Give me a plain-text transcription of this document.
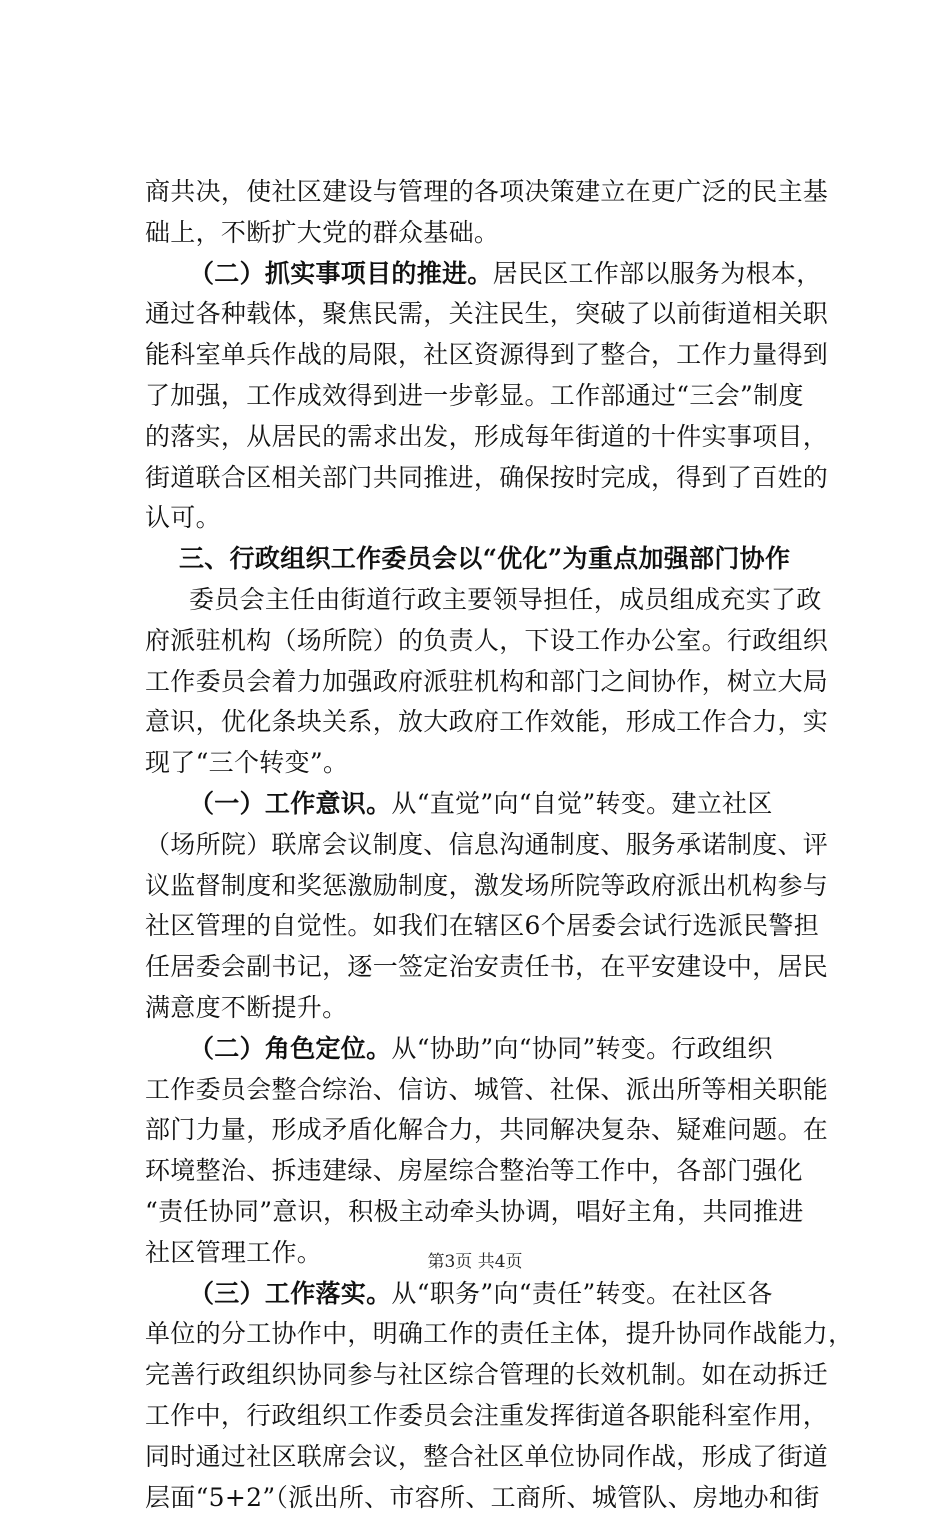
商共决，使社区建设与管理的各项决策建立在更广泛的民主基
础上，不断扩大党的群众基础。
（二）抓实事项目的推进。居民区工作部以服务为根本，
通过各种载体，聚焦民需，关注民生，突破了以前街道相关职
能科室单兵作战的局限，社区资源得到了整合，工作力量得到
了加强，工作成效得到进一步彰显。工作部通过“三会”制度
的落实，从居民的需求出发，形成每年街道的十件实事项目，
街道联合区相关部门共同推进，确保按时完成，得到了百姓的
认可。
三、行政组织工作委员会以“优化”为重点加强部门协作
委员会主任由街道行政主要领导担任，成员组成充实了政
府派驻机构（场所院）的负责人，下设工作办公室。行政组织
工作委员会着力加强政府派驻机构和部门之间协作，树立大局
意识，优化条块关系，放大政府工作效能，形成工作合力，实
现了“三个转变”。
（一）工作意识。从“直觉”向“自觉”转变。建立社区
（场所院）联席会议制度、信息沟通制度、服务承诺制度、评
议监督制度和奖惩激励制度，激发场所院等政府派出机构参与
社区管理的自觉性。如我们在辖区6个居委会试行选派民警担
任居委会副书记，逐一签定治安责任书，在平安建设中，居民
满意度不断提升。
（二）角色定位。从“协助”向“协同”转变。行政组织
工作委员会整合综治、信访、城管、社保、派出所等相关职能
部门力量，形成矛盾化解合力，共同解决复杂、疑难问题。在
环境整治、拆违建绿、房屋综合整治等工作中，各部门强化
“责任协同”意识，积极主动牵头协调，唱好主角，共同推进
社区管理工作。
（三）工作落实。从“职务”向“责任”转变。在社区各
单位的分工协作中，明确工作的责任主体，提升协同作战能力，
完善行政组织协同参与社区综合管理的长效机制。如在动拆迁
工作中，行政组织工作委员会注重发挥街道各职能科室作用，
同时通过社区联席会议，整合社区单位协同作战，形成了街道
层面“5+2”（派出所、市容所、工商所、城管队、房地办和街
第3页 共4页
